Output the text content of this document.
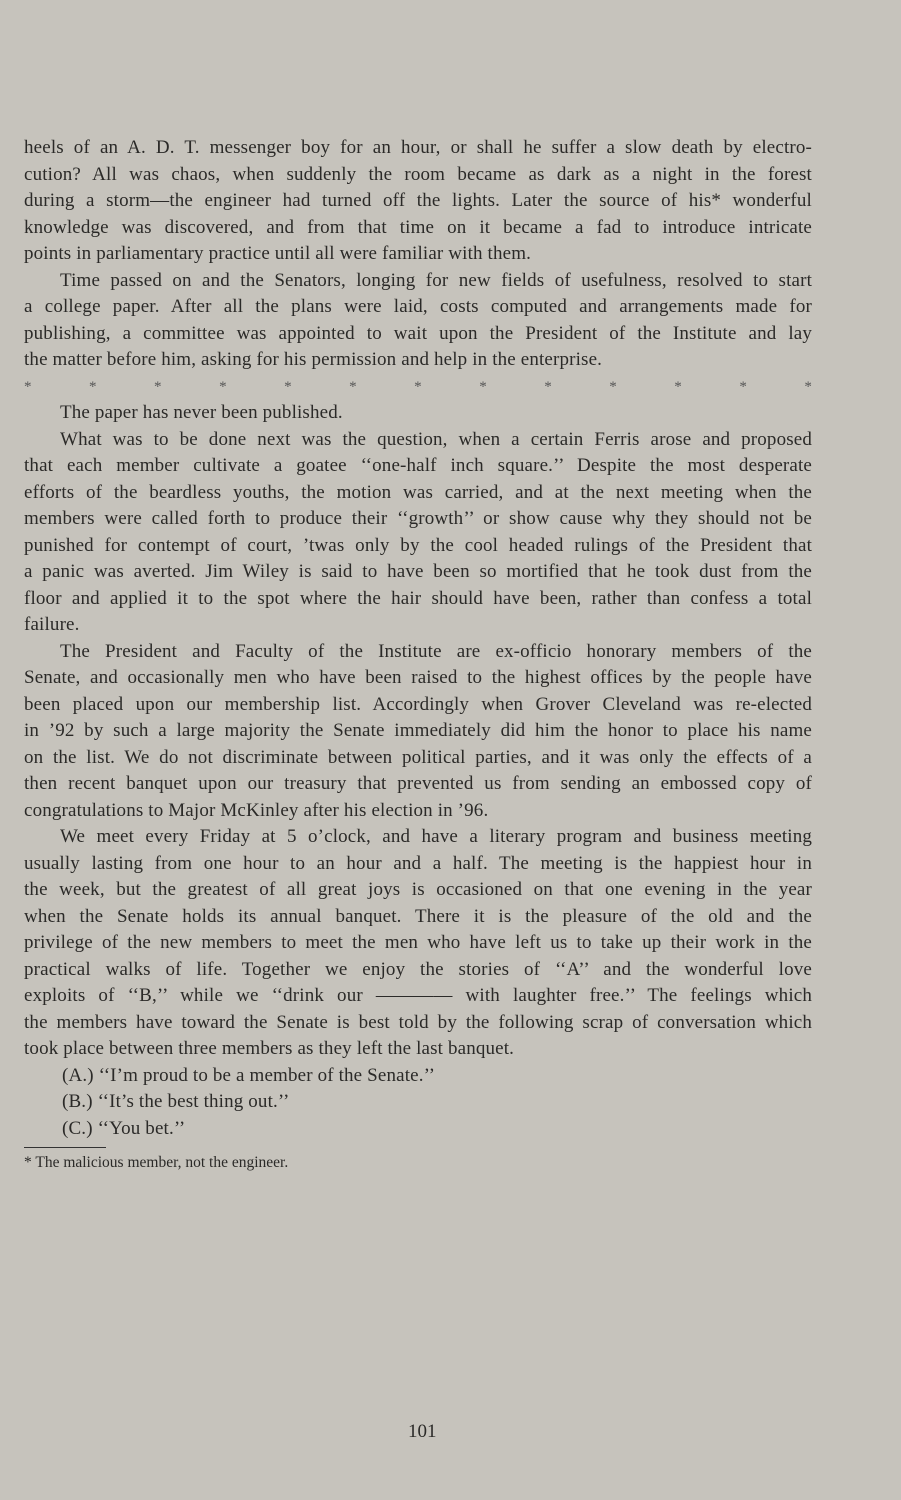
heels of an A. D. T. messenger boy for an hour, or shall he suffer a slow death by electro-
cution? All was chaos, when suddenly the room became as dark as a night in the forest
during a storm—the engineer had turned off the lights. Later the source of his* wonderful
knowledge was discovered, and from that time on it became a fad to introduce intricate
points in parliamentary practice until all were familiar with them.
Time passed on and the Senators, longing for new fields of usefulness, resolved to start
a college paper. After all the plans were laid, costs computed and arrangements made for
publishing, a committee was appointed to wait upon the President of the Institute and lay
the matter before him, asking for his permission and help in the enterprise.
* * * * * * * * * * * * *
The paper has never been published.
What was to be done next was the question, when a certain Ferris arose and proposed
that each member cultivate a goatee ‘‘one-half inch square.’’ Despite the most desperate
efforts of the beardless youths, the motion was carried, and at the next meeting when the
members were called forth to produce their ‘‘growth’’ or show cause why they should not be
punished for contempt of court, ’twas only by the cool headed rulings of the President that
a panic was averted. Jim Wiley is said to have been so mortified that he took dust from the
floor and applied it to the spot where the hair should have been, rather than confess a total
failure.
The President and Faculty of the Institute are ex-officio honorary members of the
Senate, and occasionally men who have been raised to the highest offices by the people have
been placed upon our membership list. Accordingly when Grover Cleveland was re-elected
in ’92 by such a large majority the Senate immediately did him the honor to place his name
on the list. We do not discriminate between political parties, and it was only the effects of a
then recent banquet upon our treasury that prevented us from sending an embossed copy of
congratulations to Major McKinley after his election in ’96.
We meet every Friday at 5 o’clock, and have a literary program and business meeting
usually lasting from one hour to an hour and a half. The meeting is the happiest hour in
the week, but the greatest of all great joys is occasioned on that one evening in the year
when the Senate holds its annual banquet. There it is the pleasure of the old and the
privilege of the new members to meet the men who have left us to take up their work in the
practical walks of life. Together we enjoy the stories of ‘‘A’’ and the wonderful love
exploits of ‘‘B,’’ while we ‘‘drink our ———— with laughter free.’’ The feelings which
the members have toward the Senate is best told by the following scrap of conversation which
took place between three members as they left the last banquet.
(A.) ‘‘I’m proud to be a member of the Senate.’’
(B.) ‘‘It’s the best thing out.’’
(C.) ‘‘You bet.’’
* The malicious member, not the engineer.
101
